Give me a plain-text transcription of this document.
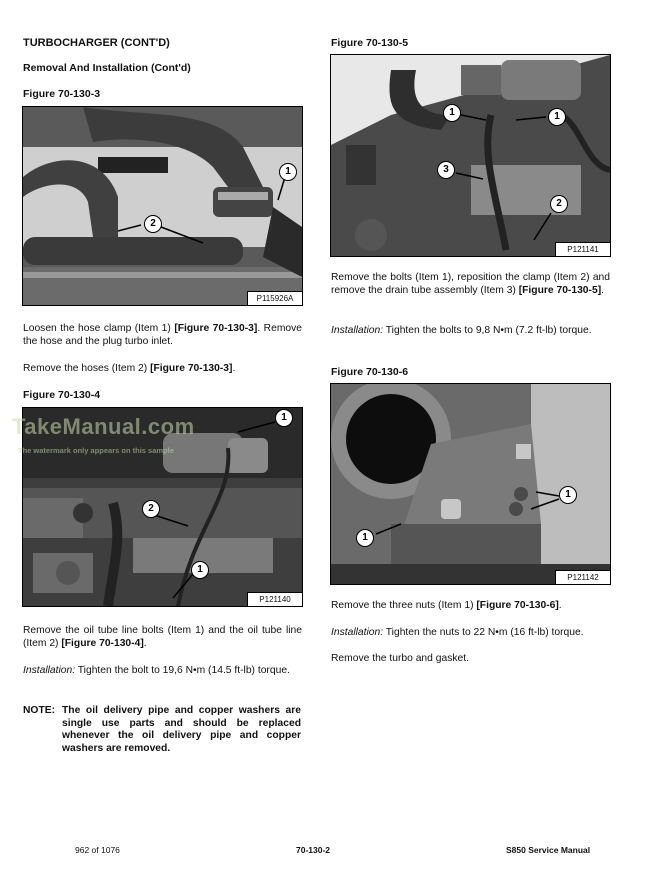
TURBOCHARGER (CONT'D)
Removal And Installation (Cont'd)
Figure 70-130-3
1
2
P115926A
Loosen the hose clamp (Item 1) [Figure 70-130-3]. Remove the hose and the plug turbo inlet.
Remove the hoses (Item 2) [Figure 70-130-3].
Figure 70-130-4
1
2
1
P121140
TakeManual.com
The watermark only appears on this sample
Remove the oil tube line bolts (Item 1) and the oil tube line (Item 2) [Figure 70-130-4].
Installation: Tighten the bolt to 19,6 N•m (14.5 ft-lb) torque.
NOTE: The oil delivery pipe and copper washers are single use parts and should be replaced whenever the oil delivery pipe and copper washers are removed.
Figure 70-130-5
1	1
3
2
P121141
Remove the bolts (Item 1), reposition the clamp (Item 2) and remove the drain tube assembly (Item 3) [Figure 70-130-5].
Installation: Tighten the bolts to 9,8 N•m (7.2 ft-lb) torque.
Figure 70-130-6
1
1
P121142
Remove the three nuts (Item 1) [Figure 70-130-6].
Installation: Tighten the nuts to 22 N•m (16 ft-lb) torque.
Remove the turbo and gasket.
962 of 1076	70-130-2	S850 Service Manual
